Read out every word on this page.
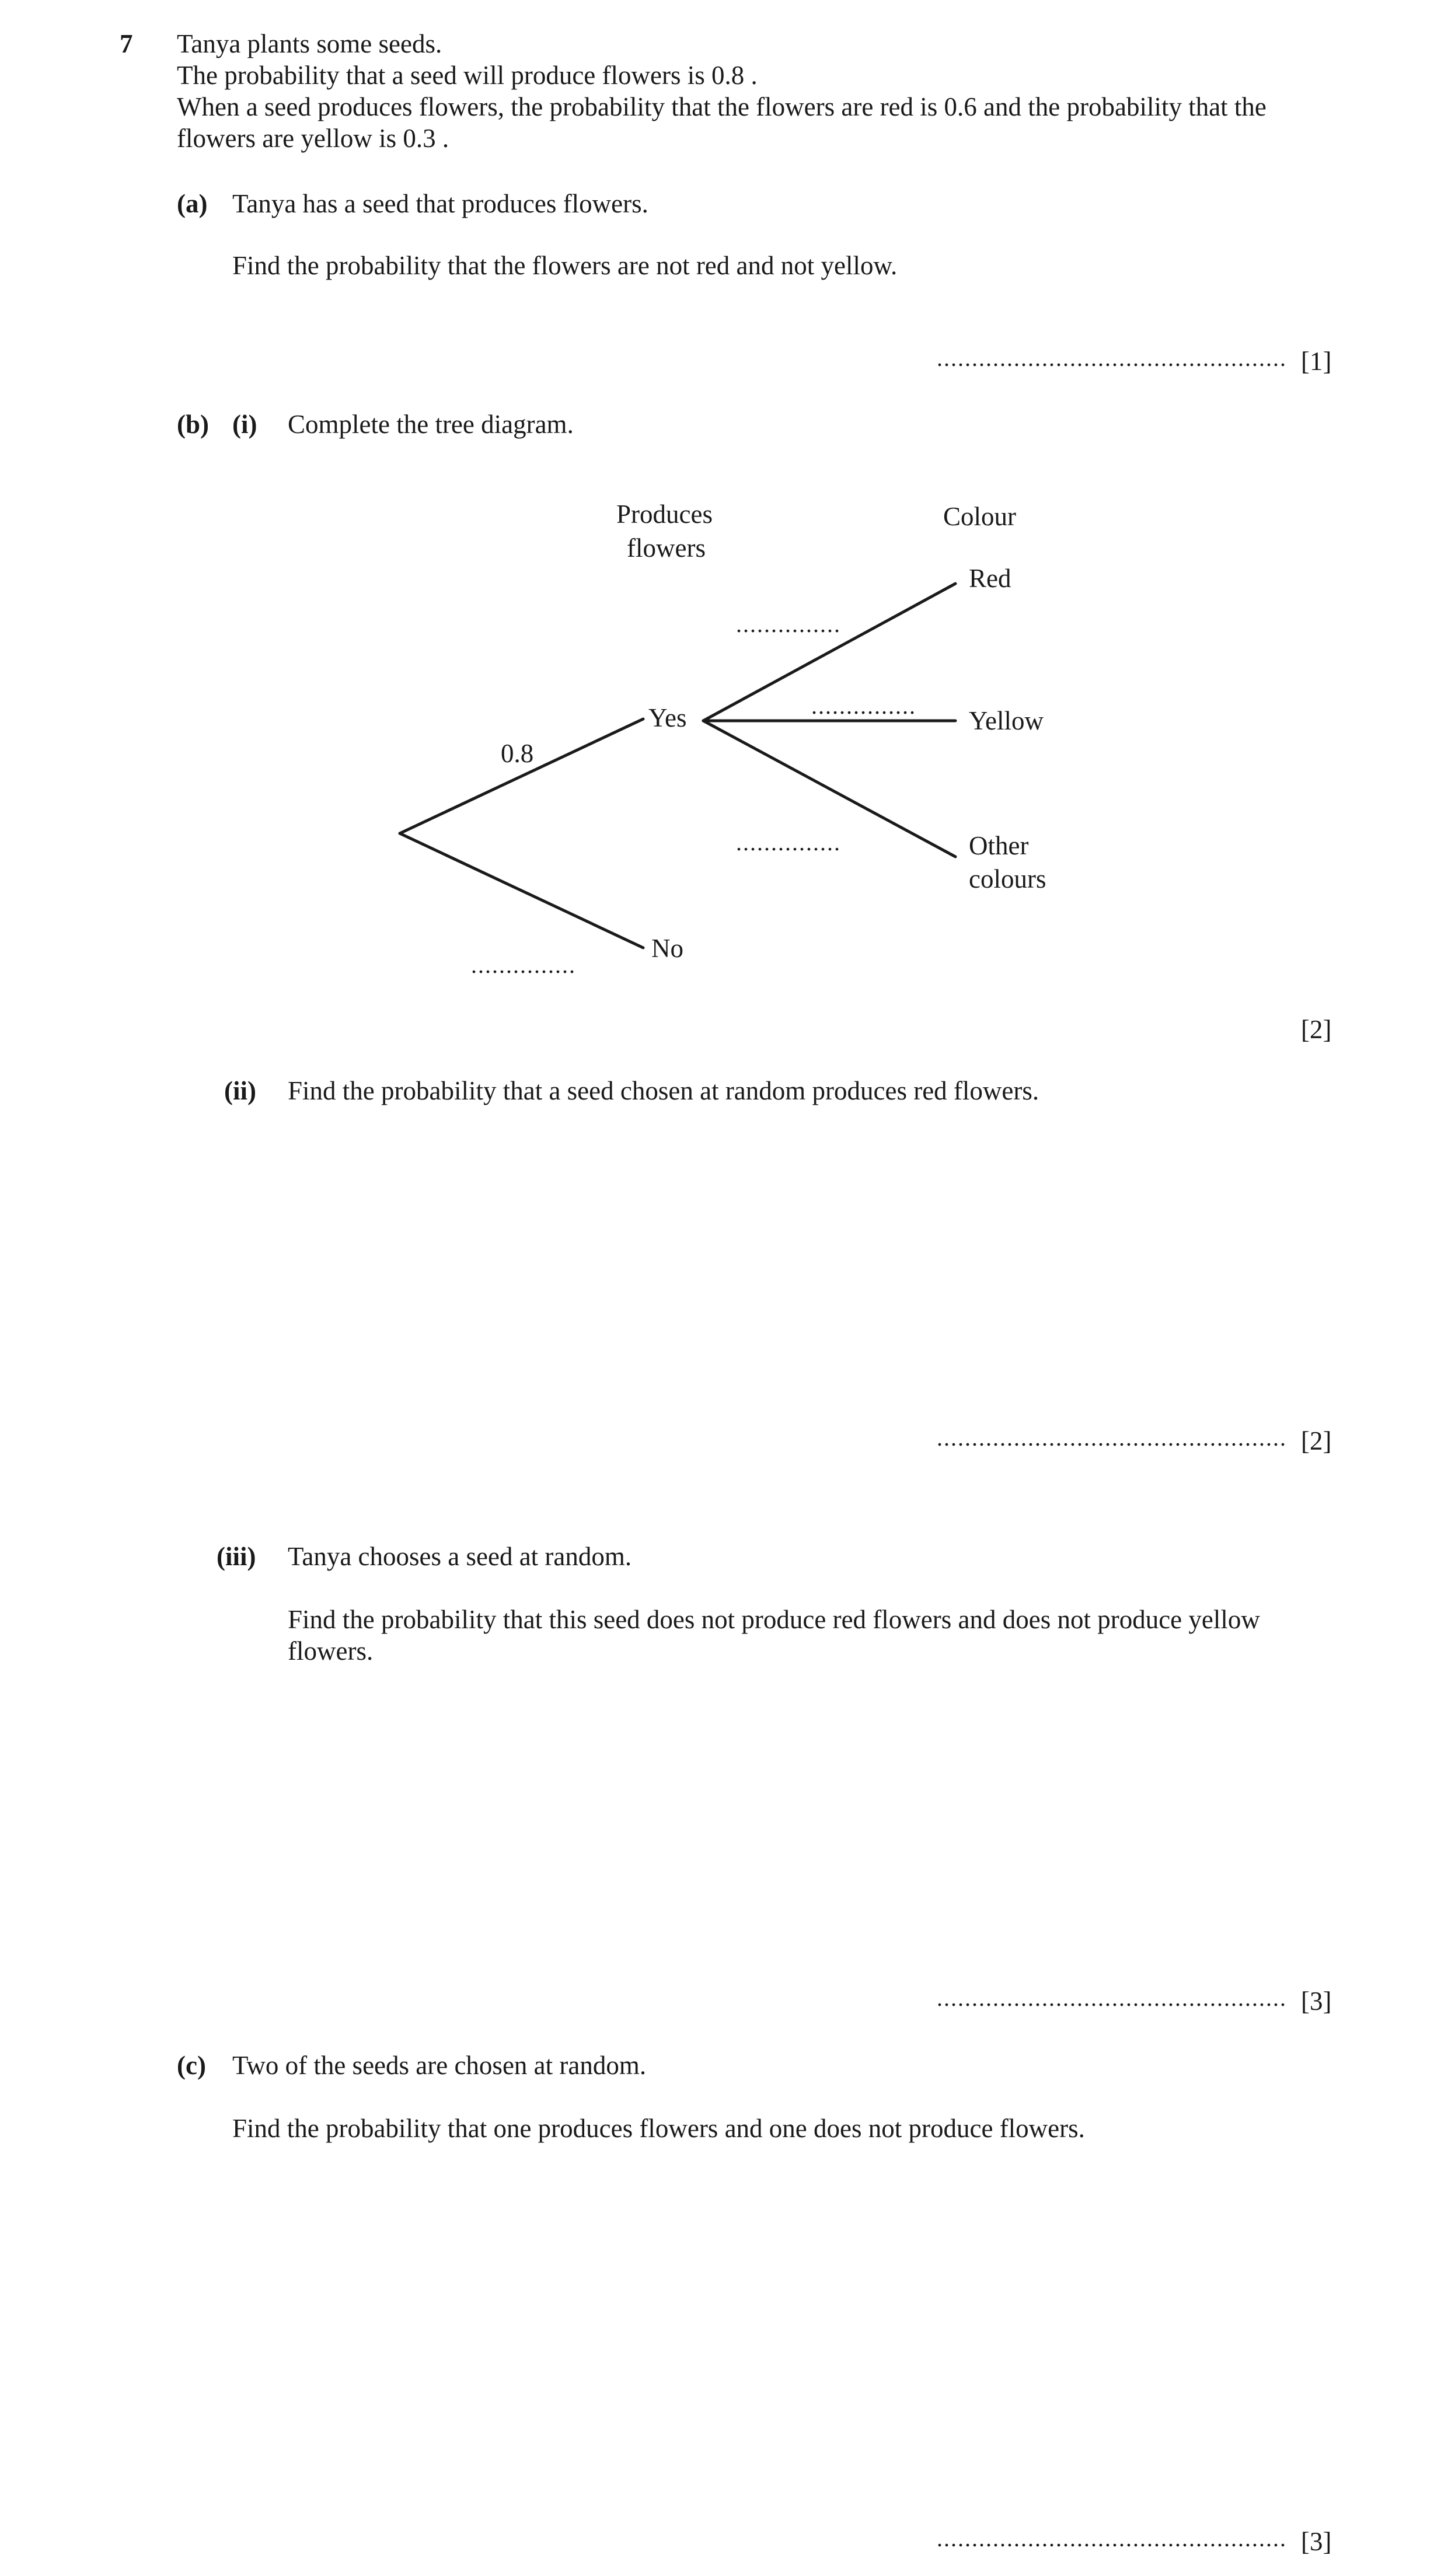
7 Tanya plants some seeds.
The probability that a seed will produce flowers is 0.8 .
When a seed produces flowers, the probability that the flowers are red is 0.6 and the probability that the
flowers are yellow is 0.3 .
(a) Tanya has a seed that produces flowers.
Find the probability that the flowers are not red and not yellow.
.................................................. [1]
(b) (i) Complete the tree diagram.
Produces
flowers
Colour
Yes
No
Red
Yellow
Other
colours
0.8
...............
...............
...............
...............
[2]
(ii) Find the probability that a seed chosen at random produces red flowers.
.................................................. [2]
(iii) Tanya chooses a seed at random.
Find the probability that this seed does not produce red flowers and does not produce yellow
flowers.
.................................................. [3]
(c) Two of the seeds are chosen at random.
Find the probability that one produces flowers and one does not produce flowers.
.................................................. [3]
